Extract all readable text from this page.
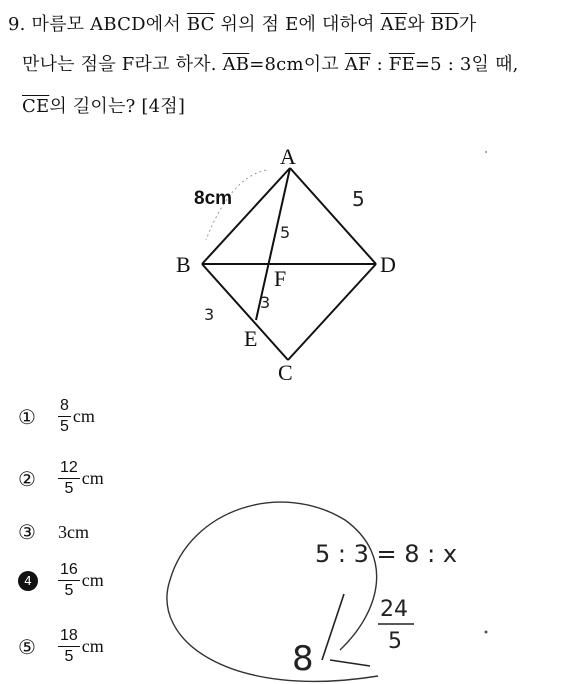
9. 마름모 ABCD에서 $\overline{BC}$ 위의 점 E에 대하여 $\overline{AE}$와 $\overline{BD}$가
만나는 점을 F라고 하자. $\overline{AB}=8cm$이고 $\overline{AF}$ : $\overline{FE}=5$ : 3일 때,
$\overline{CE}$의 길이는? [4점]
A
B
C
D
E
F
8cm	5
5
3
3
①	$\frac{8}{5}$ cm
②	$\frac{12}{5}$ cm
③	3cm
4	$\frac{16}{5}$ cm
⑤	$\frac{18}{5}$ cm
5 : 3 = 8 : x
24
5
8
